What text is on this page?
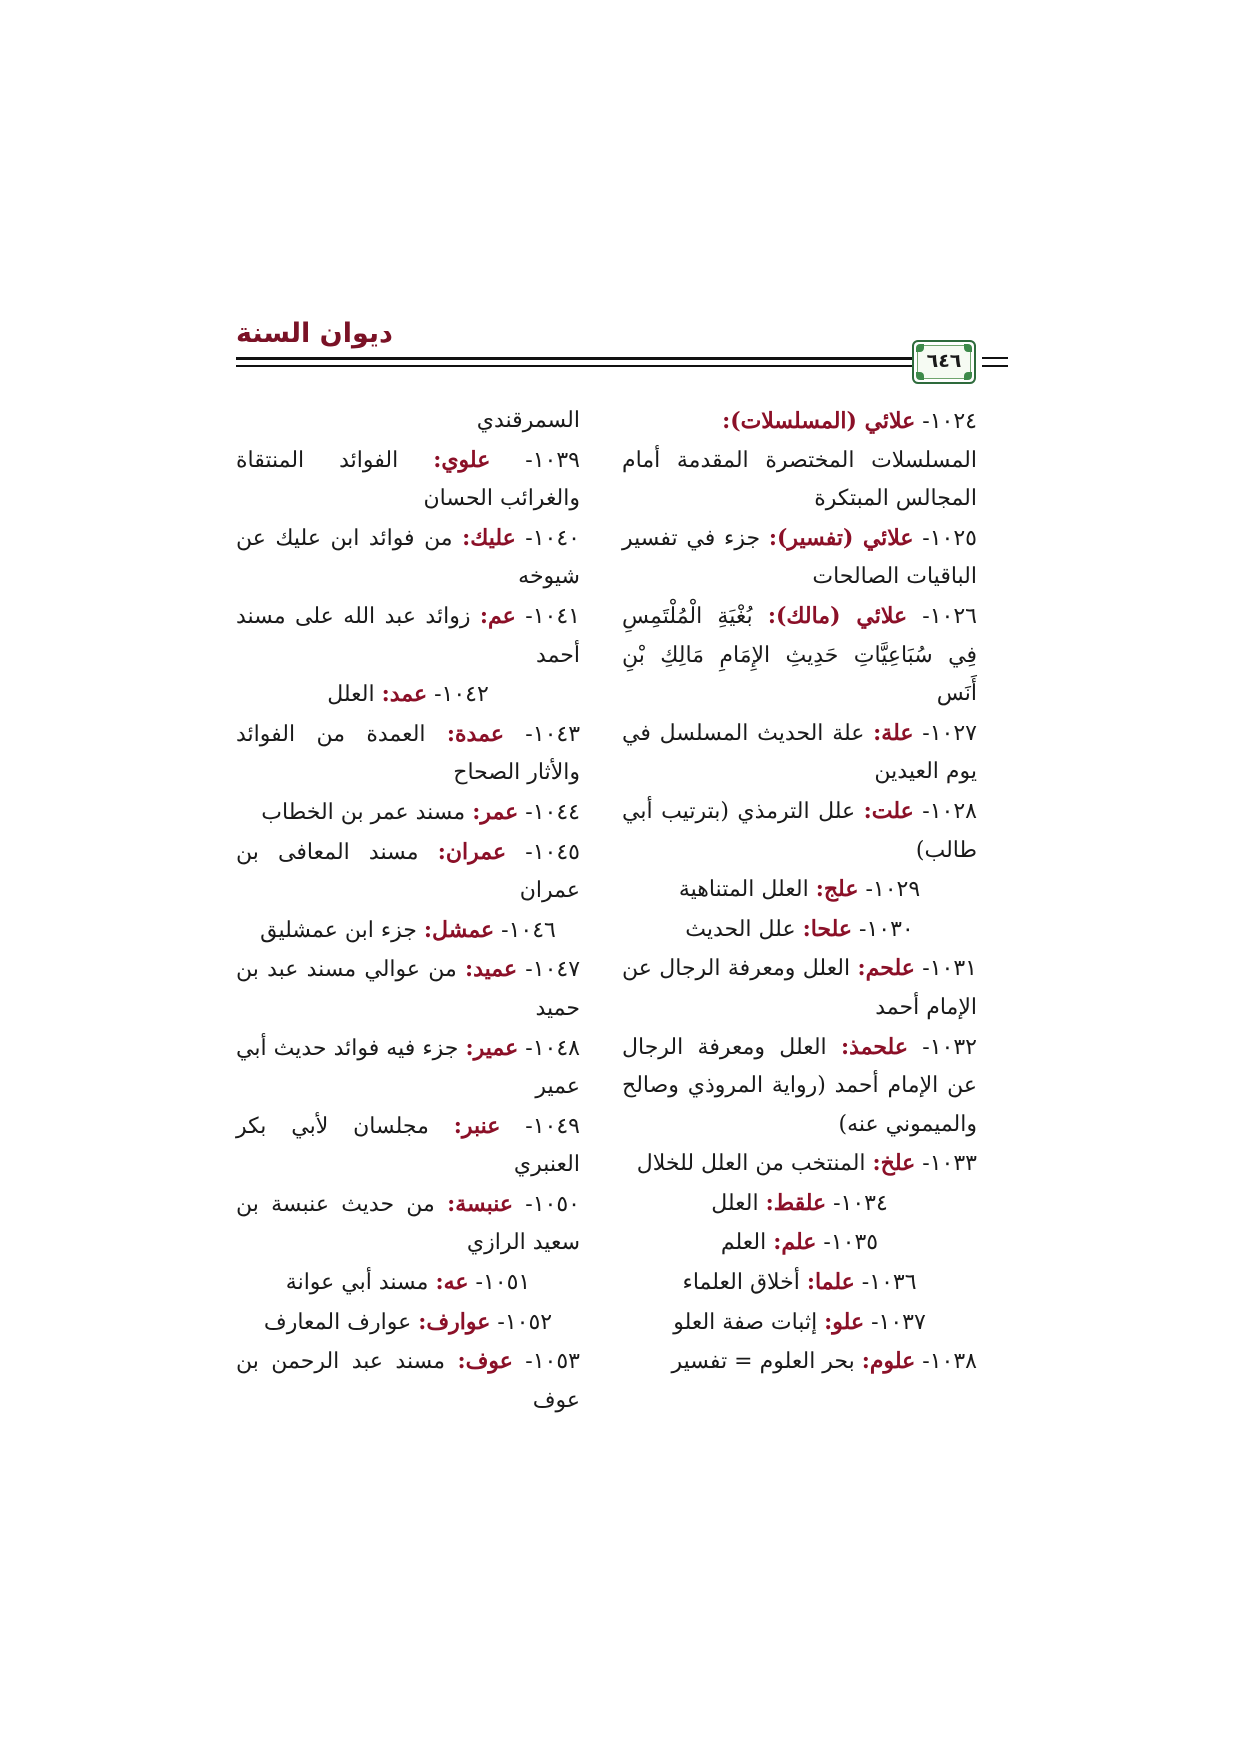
ديوان السنة
٦٤٦
١٠٢٤- علائي (المسلسلات):
المسلسلات المختصرة المقدمة أمام المجالس المبتكرة
١٠٢٥- علائي (تفسير): جزء في تفسير الباقيات الصالحات
١٠٢٦- علائي (مالك): بُغْيَةِ الْمُلْتَمِسِ فِي سُبَاعِيَّاتِ حَدِيثِ الإِمَامِ مَالِكِ بْنِ أَنَس
١٠٢٧- علة: علة الحديث المسلسل في يوم العيدين
١٠٢٨- علت: علل الترمذي (بترتيب أبي طالب)
١٠٢٩- علج: العلل المتناهية
١٠٣٠- علحا: علل الحديث
١٠٣١- علحم: العلل ومعرفة الرجال عن الإمام أحمد
١٠٣٢- علحمذ: العلل ومعرفة الرجال عن الإمام أحمد (رواية المروذي وصالح والميموني عنه)
١٠٣٣- علخ: المنتخب من العلل للخلال
١٠٣٤- علقط: العلل
١٠٣٥- علم: العلم
١٠٣٦- علما: أخلاق العلماء
١٠٣٧- علو: إثبات صفة العلو
١٠٣٨- علوم: بحر العلوم = تفسير
السمرقندي
١٠٣٩- علوي: الفوائد المنتقاة والغرائب الحسان
١٠٤٠- عليك: من فوائد ابن عليك عن شيوخه
١٠٤١- عم: زوائد عبد الله على مسند أحمد
١٠٤٢- عمد: العلل
١٠٤٣- عمدة: العمدة من الفوائد والأثار الصحاح
١٠٤٤- عمر: مسند عمر بن الخطاب
١٠٤٥- عمران: مسند المعافى بن عمران
١٠٤٦- عمشل: جزء ابن عمشليق
١٠٤٧- عميد: من عوالي مسند عبد بن حميد
١٠٤٨- عمير: جزء فيه فوائد حديث أبي عمير
١٠٤٩- عنبر: مجلسان لأبي بكر العنبري
١٠٥٠- عنبسة: من حديث عنبسة بن سعيد الرازي
١٠٥١- عه: مسند أبي عوانة
١٠٥٢- عوارف: عوارف المعارف
١٠٥٣- عوف: مسند عبد الرحمن بن عوف
